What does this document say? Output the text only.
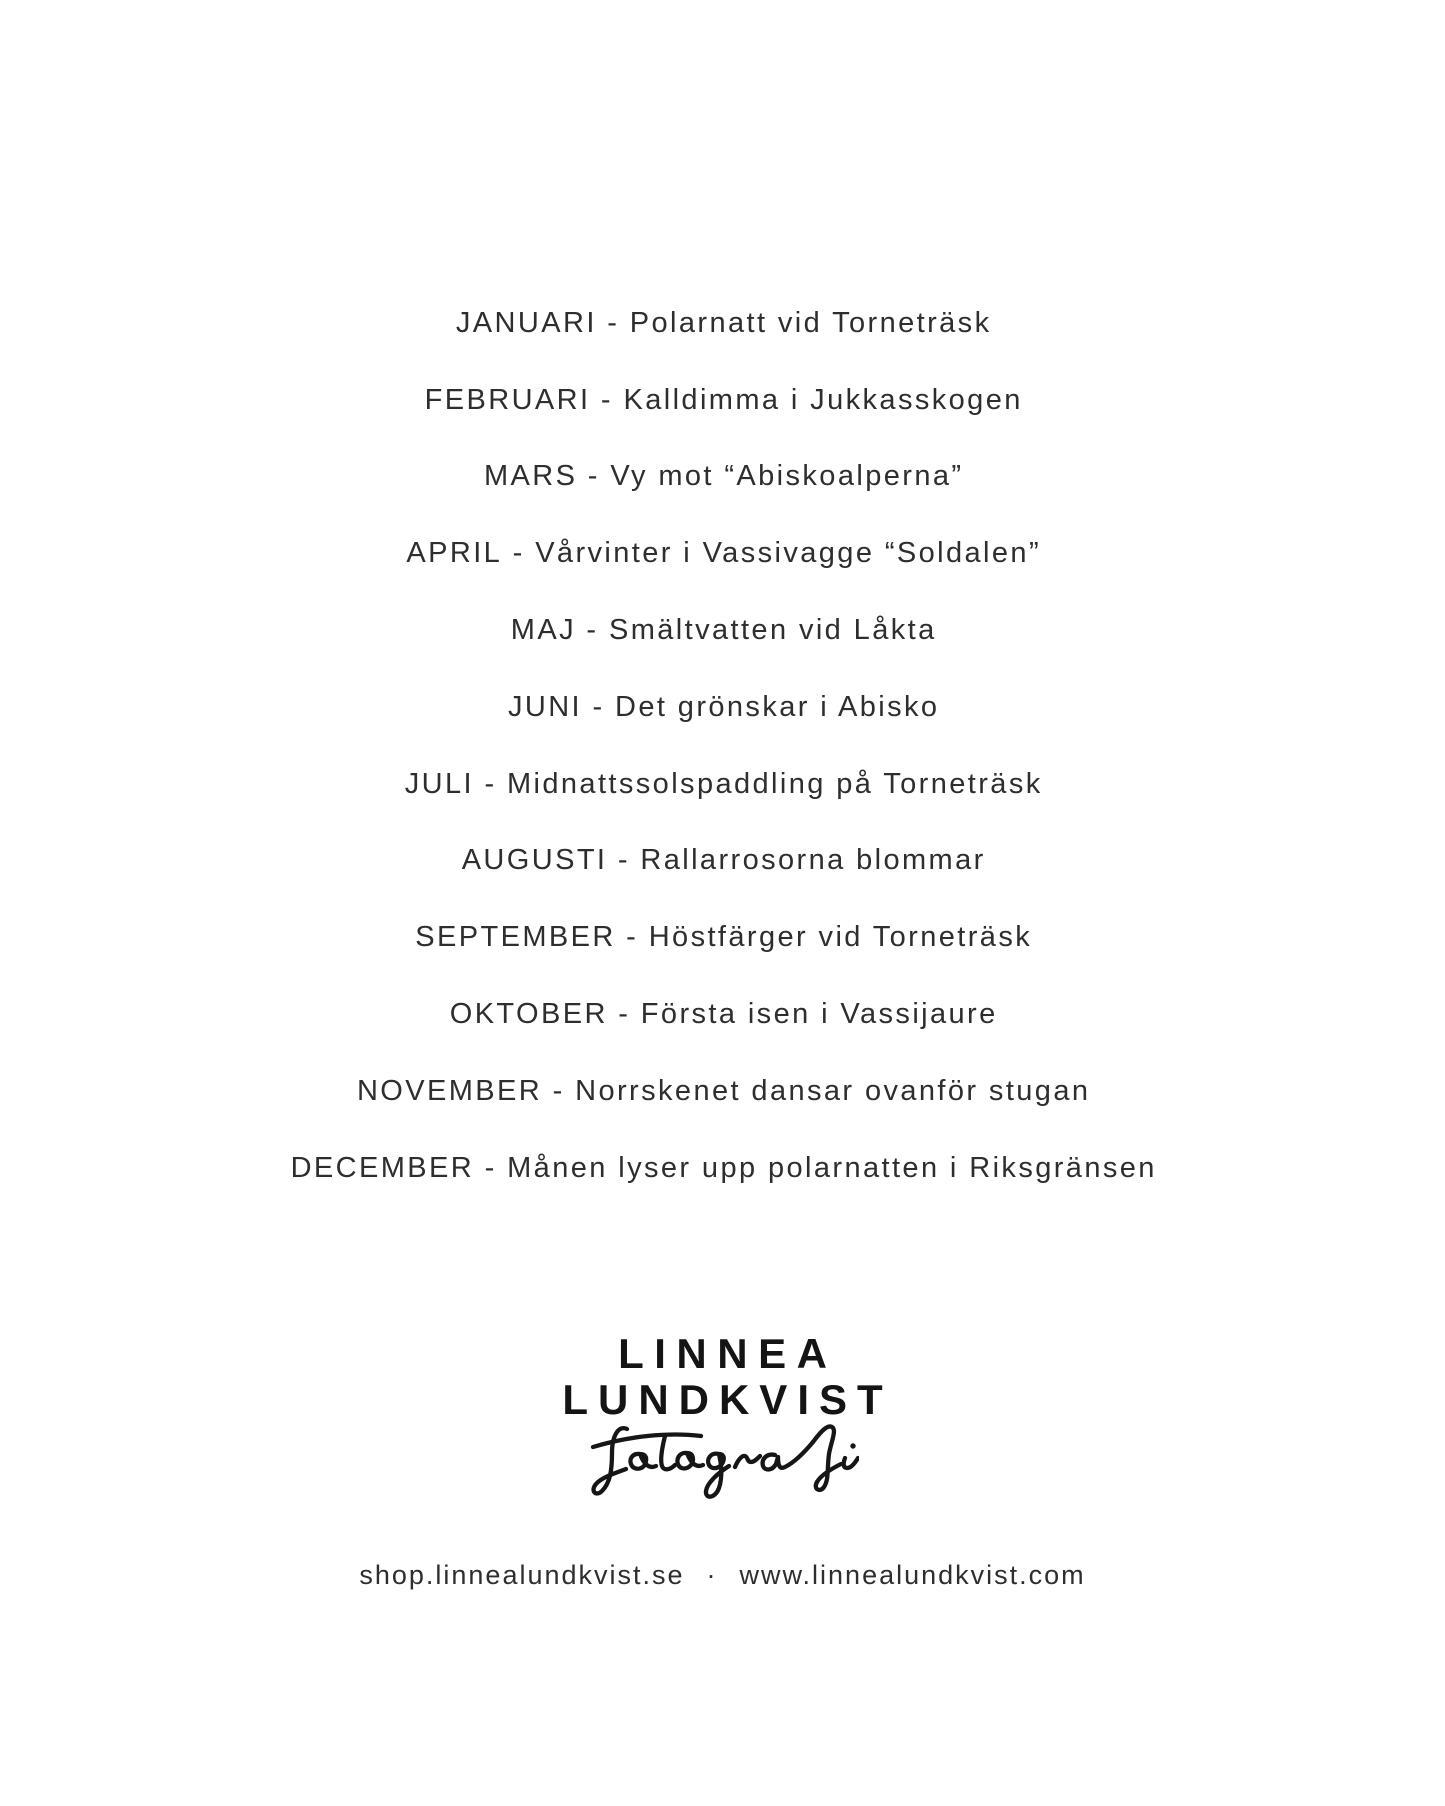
JANUARI - Polarnatt vid Torneträsk
FEBRUARI - Kalldimma i Jukkasskogen
MARS - Vy mot “Abiskoalperna”
APRIL - Vårvinter i Vassivagge “Soldalen”
MAJ - Smältvatten vid Låkta
JUNI - Det grönskar i Abisko
JULI - Midnattssolspaddling på Torneträsk
AUGUSTI - Rallarrosorna blommar
SEPTEMBER - Höstfärger vid Torneträsk
OKTOBER - Första isen i Vassijaure
NOVEMBER - Norrskenet dansar ovanför stugan
DECEMBER - Månen lyser upp polarnatten i Riksgränsen
LINNEA
LUNDKVIST
shop.linnealundkvist.se · www.linnealundkvist.com
